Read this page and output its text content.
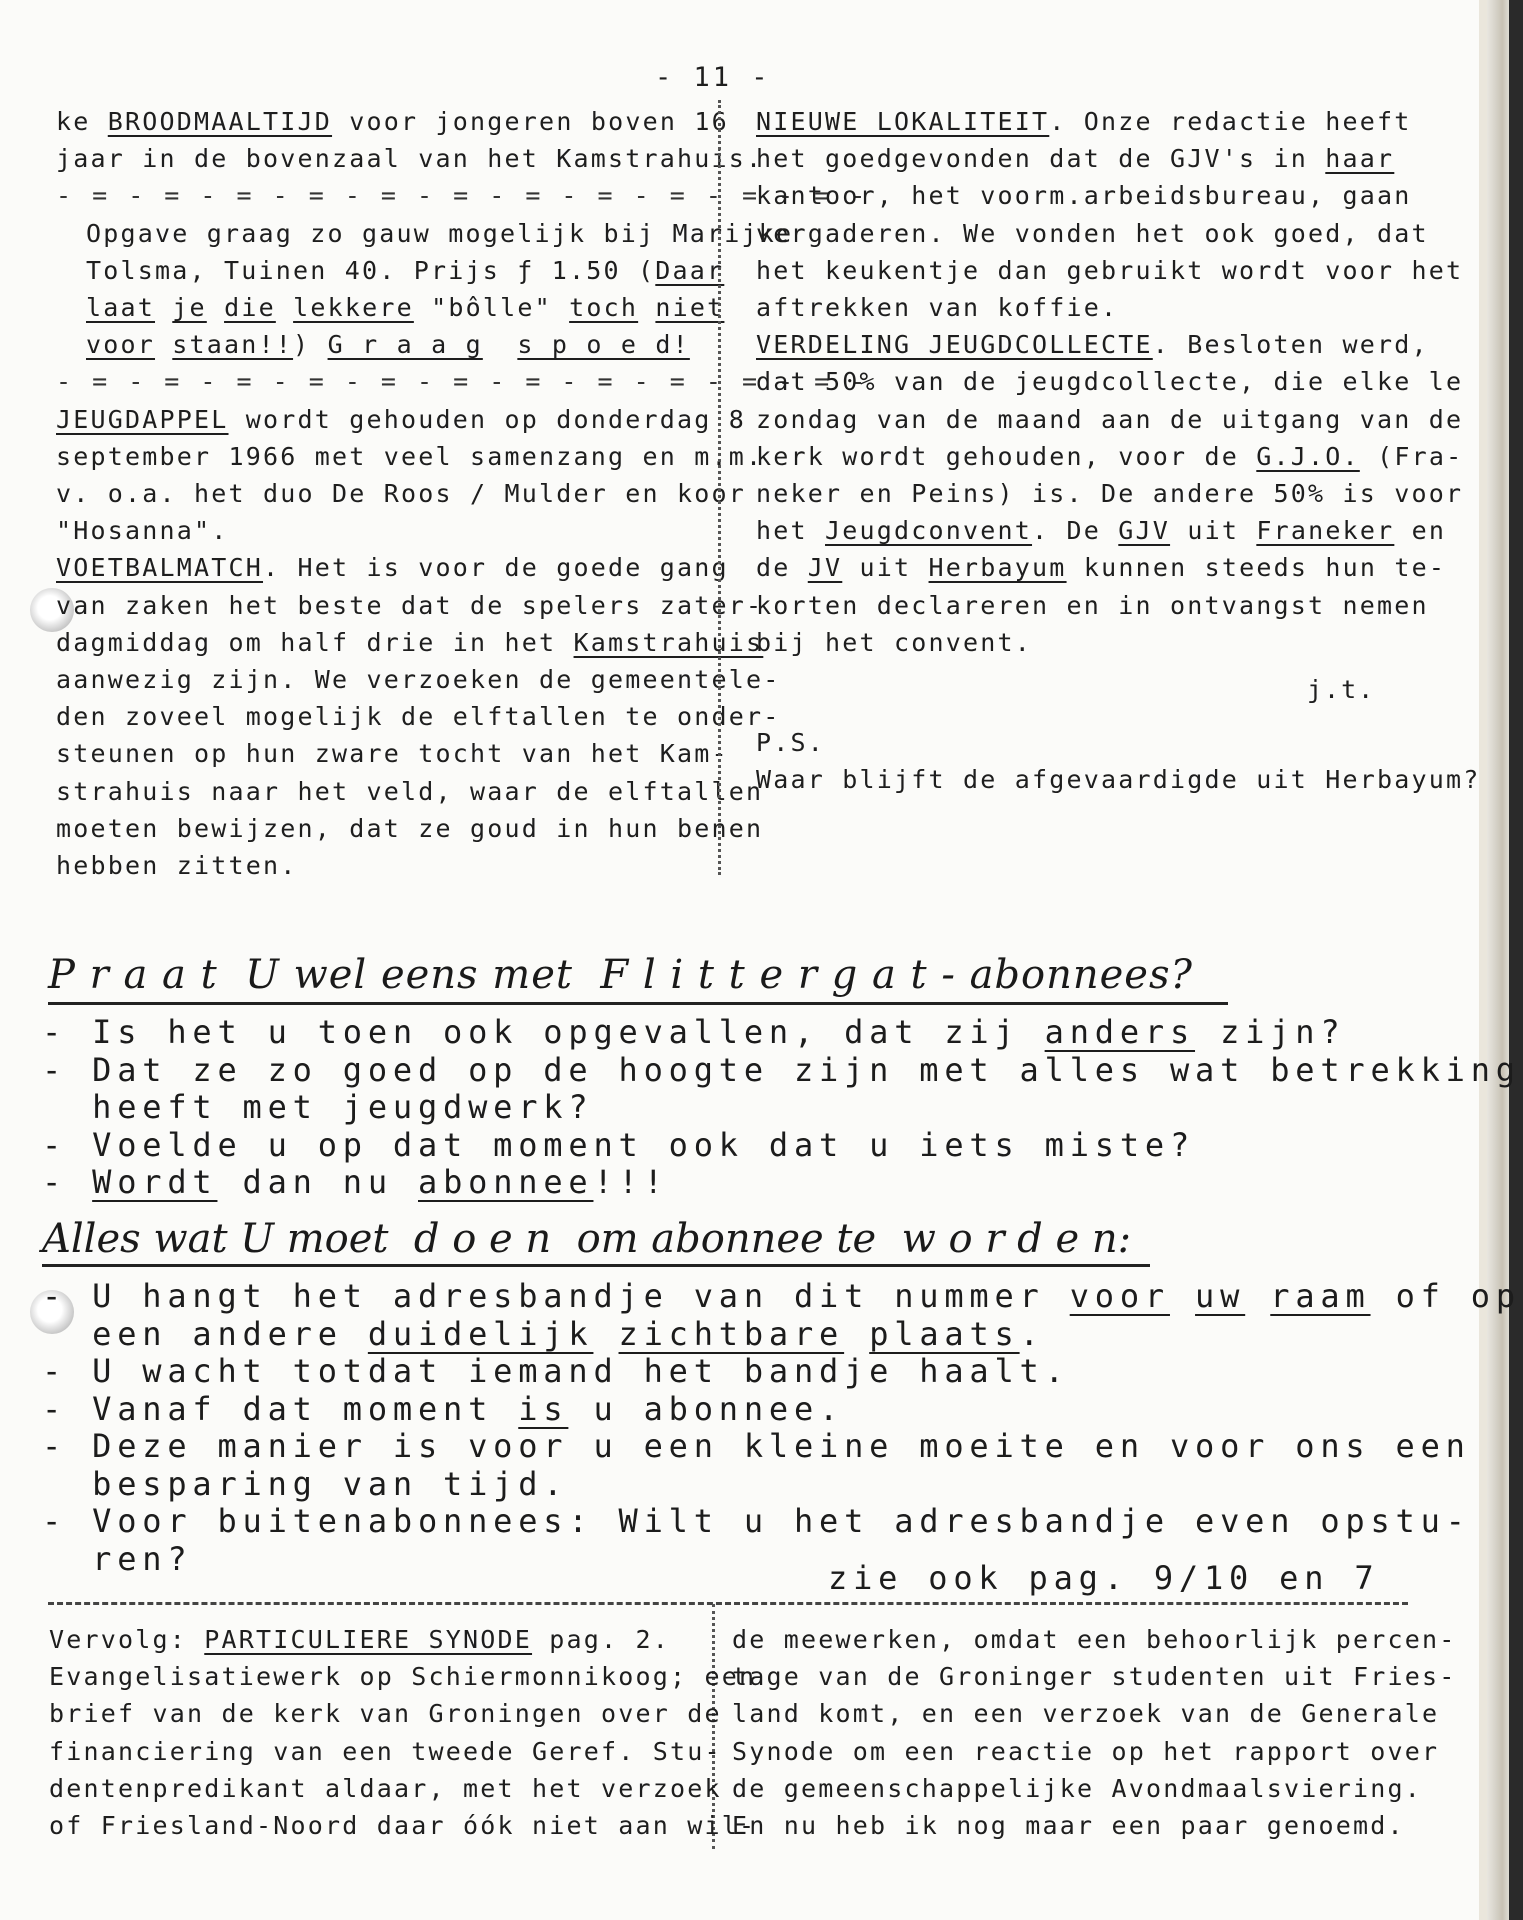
- 11 -
ke BROODMAALTIJD voor jongeren boven 16
jaar in de bovenzaal van het Kamstrahuis.
- = - = - = - = - = - = - = - = - = - = - = -
Opgave graag zo gauw mogelijk bij Marijke
Tolsma, Tuinen 40. Prijs ƒ 1.50 (Daar
laat je die lekkere "bôlle" toch niet
voor staan!!) G r a a g s p o e d!
- = - = - = - = - = - = - = - = - = - = - = -
JEUGDAPPEL wordt gehouden op donderdag 8
september 1966 met veel samenzang en m.m.
v. o.a. het duo De Roos / Mulder en koor
"Hosanna".
VOETBALMATCH. Het is voor de goede gang
van zaken het beste dat de spelers zater-
dagmiddag om half drie in het Kamstrahuis
aanwezig zijn. We verzoeken de gemeentele-
den zoveel mogelijk de elftallen te onder-
steunen op hun zware tocht van het Kam-
strahuis naar het veld, waar de elftallen
moeten bewijzen, dat ze goud in hun benen
hebben zitten.
NIEUWE LOKALITEIT. Onze redactie heeft
het goedgevonden dat de GJV's in haar
kantoor, het voorm.arbeidsbureau, gaan
vergaderen. We vonden het ook goed, dat
het keukentje dan gebruikt wordt voor het
aftrekken van koffie.
VERDELING JEUGDCOLLECTE. Besloten werd,
dat 50% van de jeugdcollecte, die elke le
zondag van de maand aan de uitgang van de
kerk wordt gehouden, voor de G.J.O. (Fra-
neker en Peins) is. De andere 50% is voor
het Jeugdconvent. De GJV uit Franeker en
de JV uit Herbayum kunnen steeds hun te-
korten declareren en in ontvangst nemen
bij het convent.
j.t.
P.S.
Waar blijft de afgevaardigde uit Herbayum?
P r a a t  U wel eens met  F l i t t e r g a t - abonnees?
- Is het u toen ook opgevallen, dat zij anders zijn?
- Dat ze zo goed op de hoogte zijn met alles wat betrekking
heeft met jeugdwerk?
- Voelde u op dat moment ook dat u iets miste?
- Wordt dan nu abonnee!!!
Alles wat U moet  d o e n  om abonnee te  w o r d e n:
- U hangt het adresbandje van dit nummer voor uw raam of op
een andere duidelijk zichtbare plaats.
- U wacht totdat iemand het bandje haalt.
- Vanaf dat moment is u abonnee.
- Deze manier is voor u een kleine moeite en voor ons een
besparing van tijd.
- Voor buitenabonnees: Wilt u het adresbandje even opstu-
ren?
zie ook pag. 9/10 en 7
Vervolg: PARTICULIERE SYNODE pag. 2.
Evangelisatiewerk op Schiermonnikoog; een
brief van de kerk van Groningen over de
financiering van een tweede Geref. Stu-
dentenpredikant aldaar, met het verzoek
of Friesland-Noord daar óók niet aan wil-
de meewerken, omdat een behoorlijk percen-
tage van de Groninger studenten uit Fries-
land komt, en een verzoek van de Generale
Synode om een reactie op het rapport over
de gemeenschappelijke Avondmaalsviering.
En nu heb ik nog maar een paar genoemd.
